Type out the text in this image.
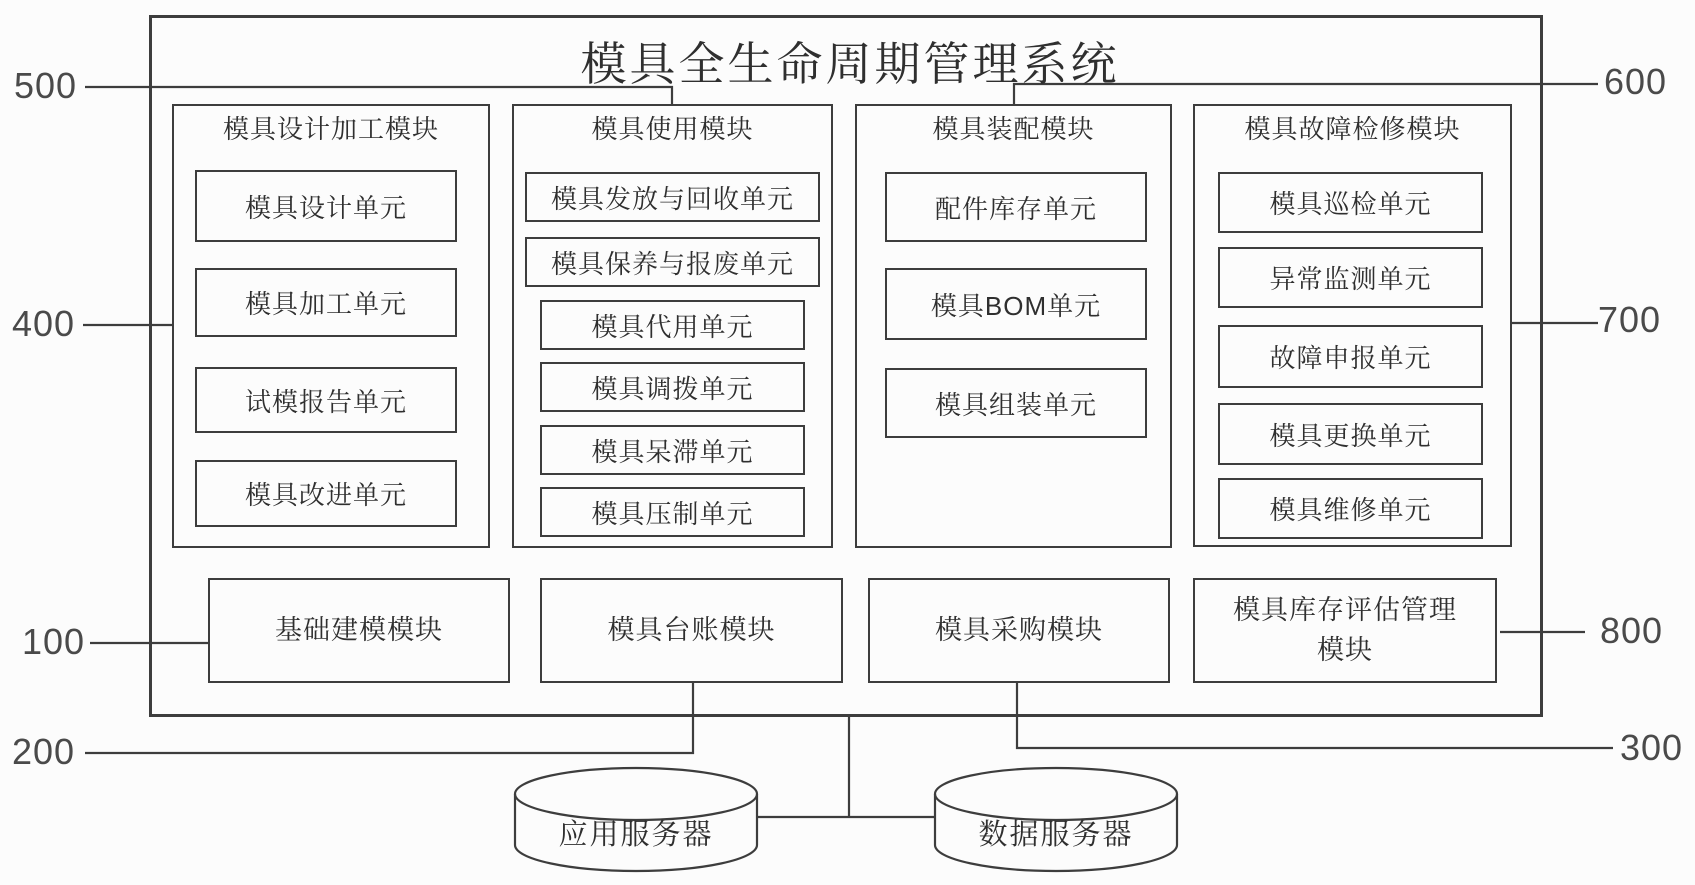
模具全生命周期管理系统
模具设计加工模块
模具设计单元
模具加工单元
试模报告单元
模具改进单元
模具使用模块
模具发放与回收单元
模具保养与报废单元
模具代用单元
模具调拨单元
模具呆滞单元
模具压制单元
模具装配模块
配件库存单元
模具BOM单元
模具组装单元
模具故障检修模块
模具巡检单元
异常监测单元
故障申报单元
模具更换单元
模具维修单元
基础建模模块	模具台账模块	模具采购模块
模具库存评估管理模块
应用服务器	数据服务器
500
400
100
200
600
700
800
300
